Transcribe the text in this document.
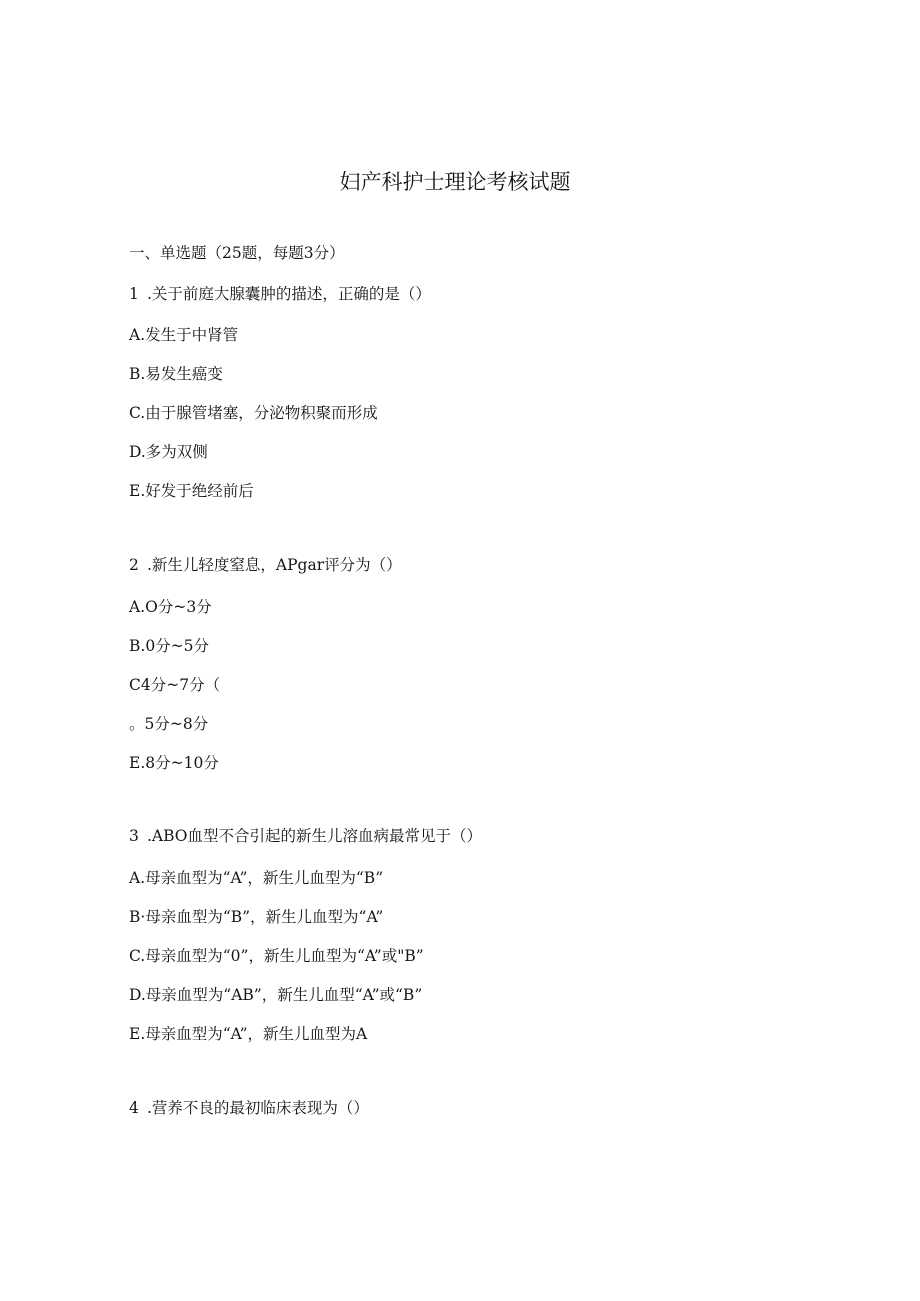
妇产科护士理论考核试题
一、单选题（25题，每题3分）
1 .关于前庭大腺囊肿的描述，正确的是（）
A.发生于中肾管
B.易发生癌变
C.由于腺管堵塞，分泌物积聚而形成
D.多为双侧
E.好发于绝经前后
2 .新生儿轻度窒息，APgar评分为（）
A.O分~3分
B.0分~5分
C4分~7分（
。5分~8分
E.8分~10分
3 .ABO血型不合引起的新生儿溶血病最常见于（）
A.母亲血型为“A”，新生儿血型为“B”
B·母亲血型为“B”，新生儿血型为“A”
C.母亲血型为“0”，新生儿血型为“A”或"B”
D.母亲血型为“AB”，新生儿血型“A”或“B”
E.母亲血型为“A”，新生儿血型为A
4 .营养不良的最初临床表现为（）
